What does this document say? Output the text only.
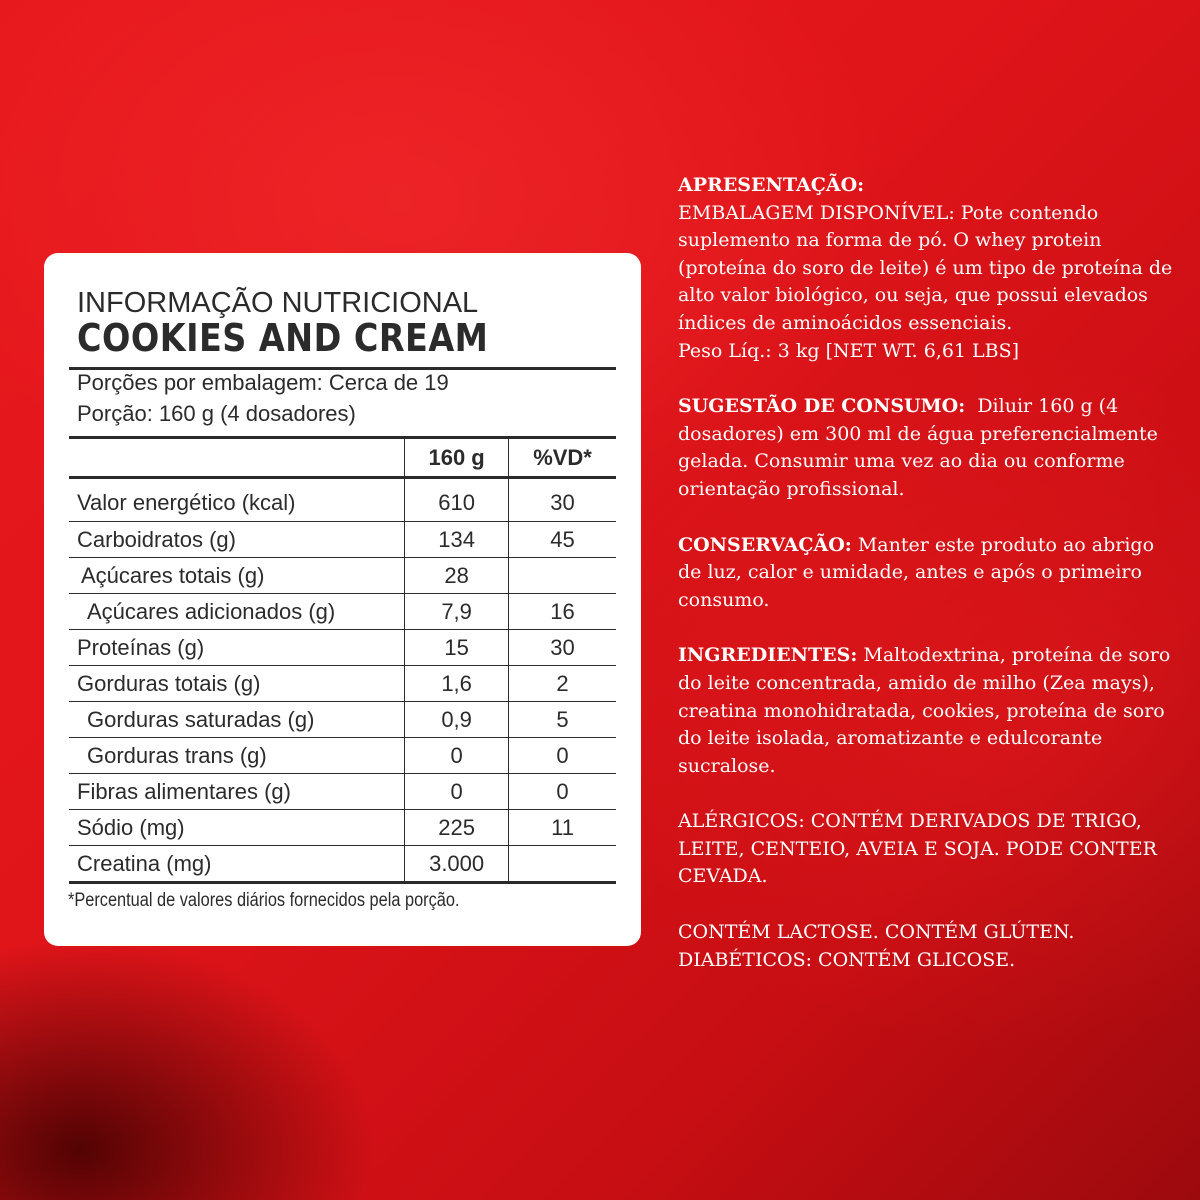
INFORMAÇÃO NUTRICIONAL
COOKIES AND CREAM
Porções por embalagem: Cerca de 19
Porção: 160 g (4 dosadores)
	160 g	%VD*
Valor energético (kcal)	610	30
Carboidratos (g)	134	45
Açúcares totais (g)	28	
Açúcares adicionados (g)	7,9	16
Proteínas (g)	15	30
Gorduras totais (g)	1,6	2
Gorduras saturadas (g)	0,9	5
Gorduras trans (g)	0	0
Fibras alimentares (g)	0	0
Sódio (mg)	225	11
Creatina (mg)	3.000	
*Percentual de valores diários fornecidos pela porção.

APRESENTAÇÃO:
EMBALAGEM DISPONÍVEL: Pote contendo suplemento na forma de pó. O whey protein (proteína do soro de leite) é um tipo de proteína de alto valor biológico, ou seja, que possui elevados índices de aminoácidos essenciais.
Peso Líq.: 3 kg [NET WT. 6,61 LBS]

SUGESTÃO DE CONSUMO: Diluir 160 g (4 dosadores) em 300 ml de água preferencialmente gelada. Consumir uma vez ao dia ou conforme orientação profissional.

CONSERVAÇÃO: Manter este produto ao abrigo de luz, calor e umidade, antes e após o primeiro consumo.

INGREDIENTES: Maltodextrina, proteína de soro do leite concentrada, amido de milho (Zea mays), creatina monohidratada, cookies, proteína de soro do leite isolada, aromatizante e edulcorante sucralose.

ALÉRGICOS: CONTÉM DERIVADOS DE TRIGO, LEITE, CENTEIO, AVEIA E SOJA. PODE CONTER CEVADA.

CONTÉM LACTOSE. CONTÉM GLÚTEN.
DIABÉTICOS: CONTÉM GLICOSE.
